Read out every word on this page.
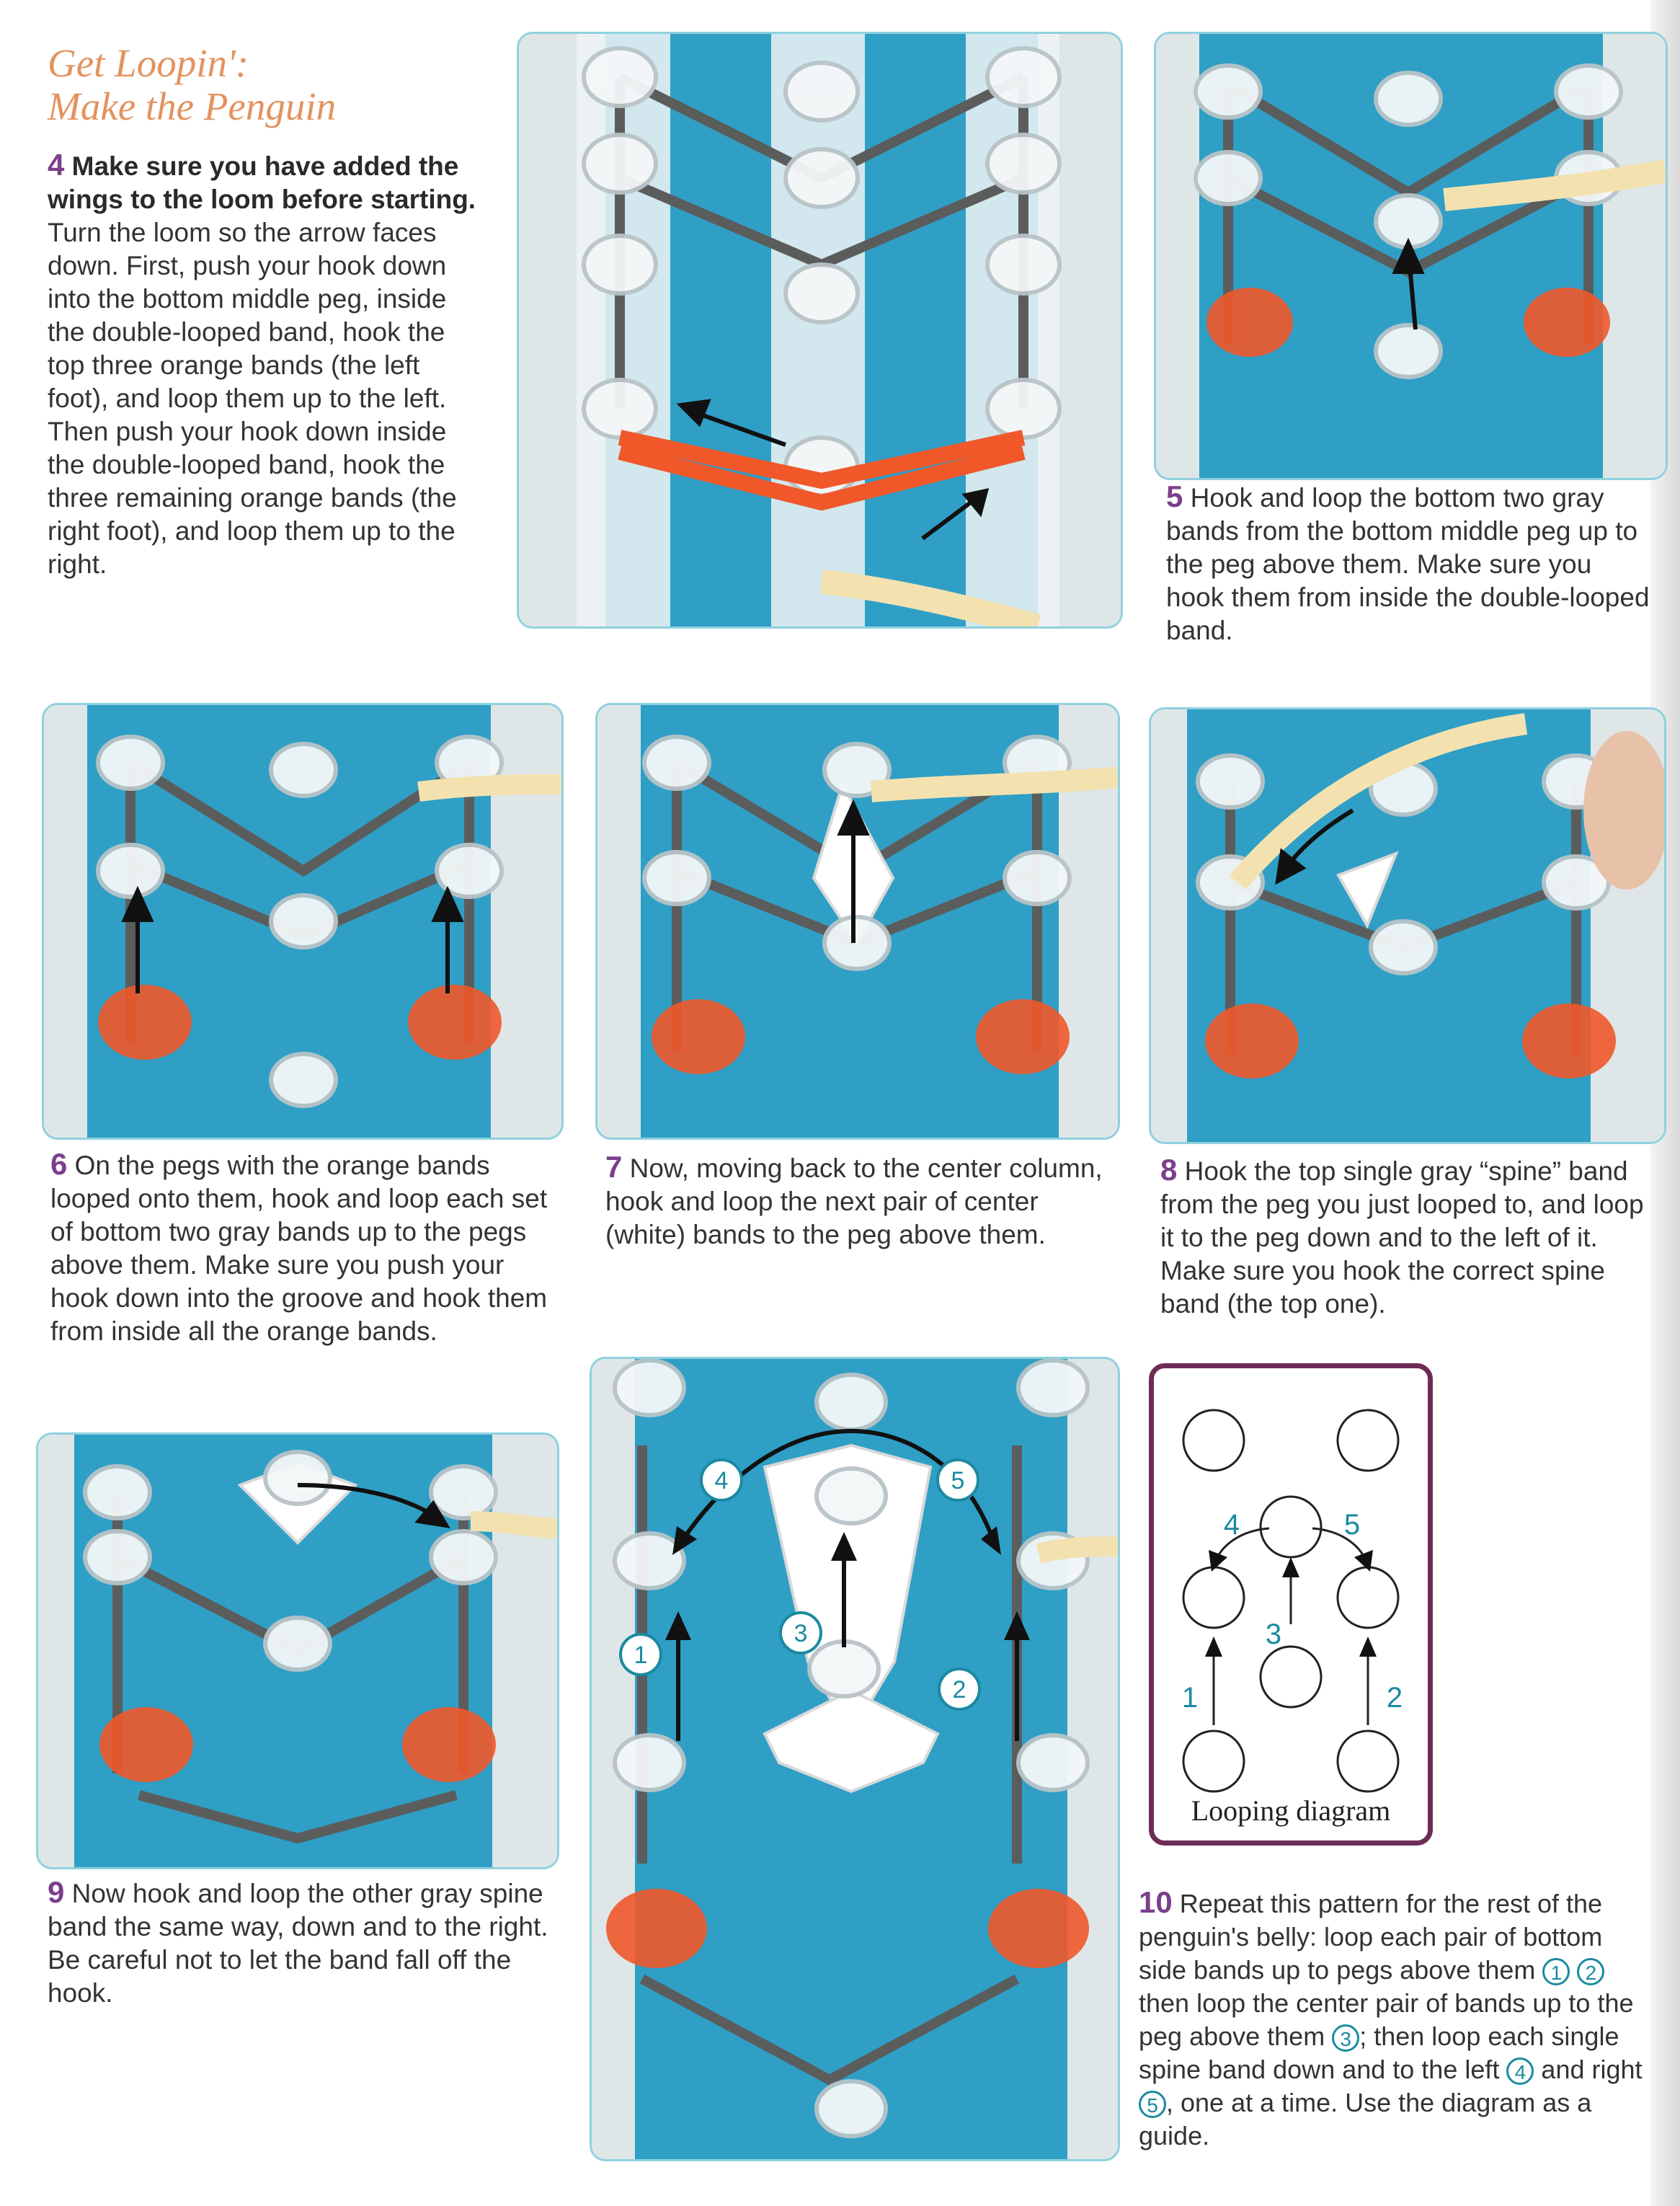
Get Loopin':
Make the Penguin
4 Make sure you have added the wings to the loom before starting. Turn the loom so the arrow faces down. First, push your hook down into the bottom middle peg, inside the double-looped band, hook the top three orange bands (the left foot), and loop them up to the left. Then push your hook down inside the double-looped band, hook the three remaining orange bands (the right foot), and loop them up to the right.
5 Hook and loop the bottom two gray bands from the bottom middle peg up to the peg above them. Make sure you hook them from inside the double-looped band.
6 On the pegs with the orange bands looped onto them, hook and loop each set of bottom two gray bands up to the pegs above them. Make sure you push your hook down into the groove and hook them from inside all the orange bands.
7 Now, moving back to the center column, hook and loop the next pair of center (white) bands to the peg above them.
8 Hook the top single gray “spine” band from the peg you just looped to, and loop it to the peg down and to the left of it. Make sure you hook the correct spine band (the top one).
9 Now hook and loop the other gray spine band the same way, down and to the right. Be careful not to let the band fall off the hook.
4	5
3
1
2
4	5
3
1	2
Looping diagram
10 Repeat this pattern for the rest of the penguin's belly: loop each pair of bottom side bands up to pegs above them 1 2 then loop the center pair of bands up to the peg above them 3 ; then loop each single spine band down and to the left 4 and right 5 , one at a time. Use the diagram as a guide.
